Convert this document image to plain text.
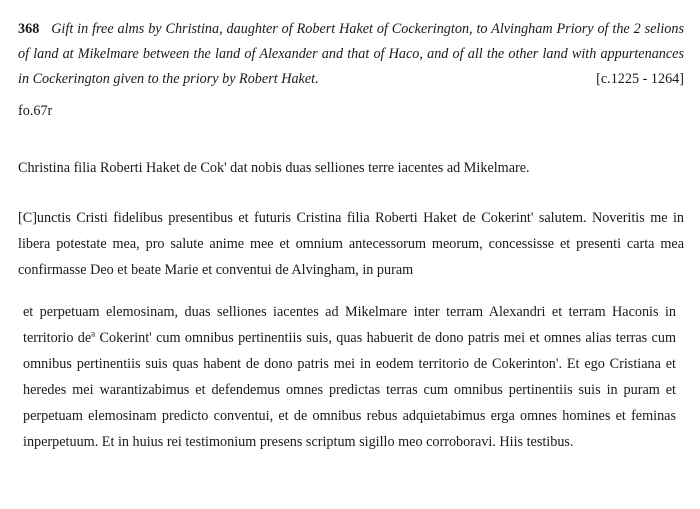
368 Gift in free alms by Christina, daughter of Robert Haket of Cockerington, to Alvingham Priory of the 2 selions of land at Mikelmare between the land of Alexander and that of Haco, and of all the other land with appurtenances in Cockerington given to the priory by Robert Haket.	[c.1225 - 1264]
fo.67r
Christina filia Roberti Haket de Cok' dat nobis duas selliones terre iacentes ad Mikelmare.
[C]unctis Cristi fidelibus presentibus et futuris Cristina filia Roberti Haket de Cokerint' salutem. Noveritis me in libera potestate mea, pro salute anime mee et omnium antecessorum meorum, concessisse et presenti carta mea confirmasse Deo et beate Marie et conventui de Alvingham, in puram
et perpetuam elemosinam, duas selliones iacentes ad Mikelmare inter terram Alexandri et terram Haconis in territorio $de^a$ Cokerint' cum omnibus pertinentiis suis, quas habuerit de dono patris mei et omnes alias terras cum omnibus pertinentiis suis quas habent de dono patris mei in eodem territorio de Cokerinton'. Et ego Cristiana et heredes mei warantizabimus et defendemus omnes predictas terras cum omnibus pertinentiis suis in puram et perpetuam elemosinam predicto conventui, et de omnibus rebus adquietabimus erga omnes homines et feminas inperpetuum. Et in huius rei testimonium presens scriptum sigillo meo corroboravi. Hiis testibus.
